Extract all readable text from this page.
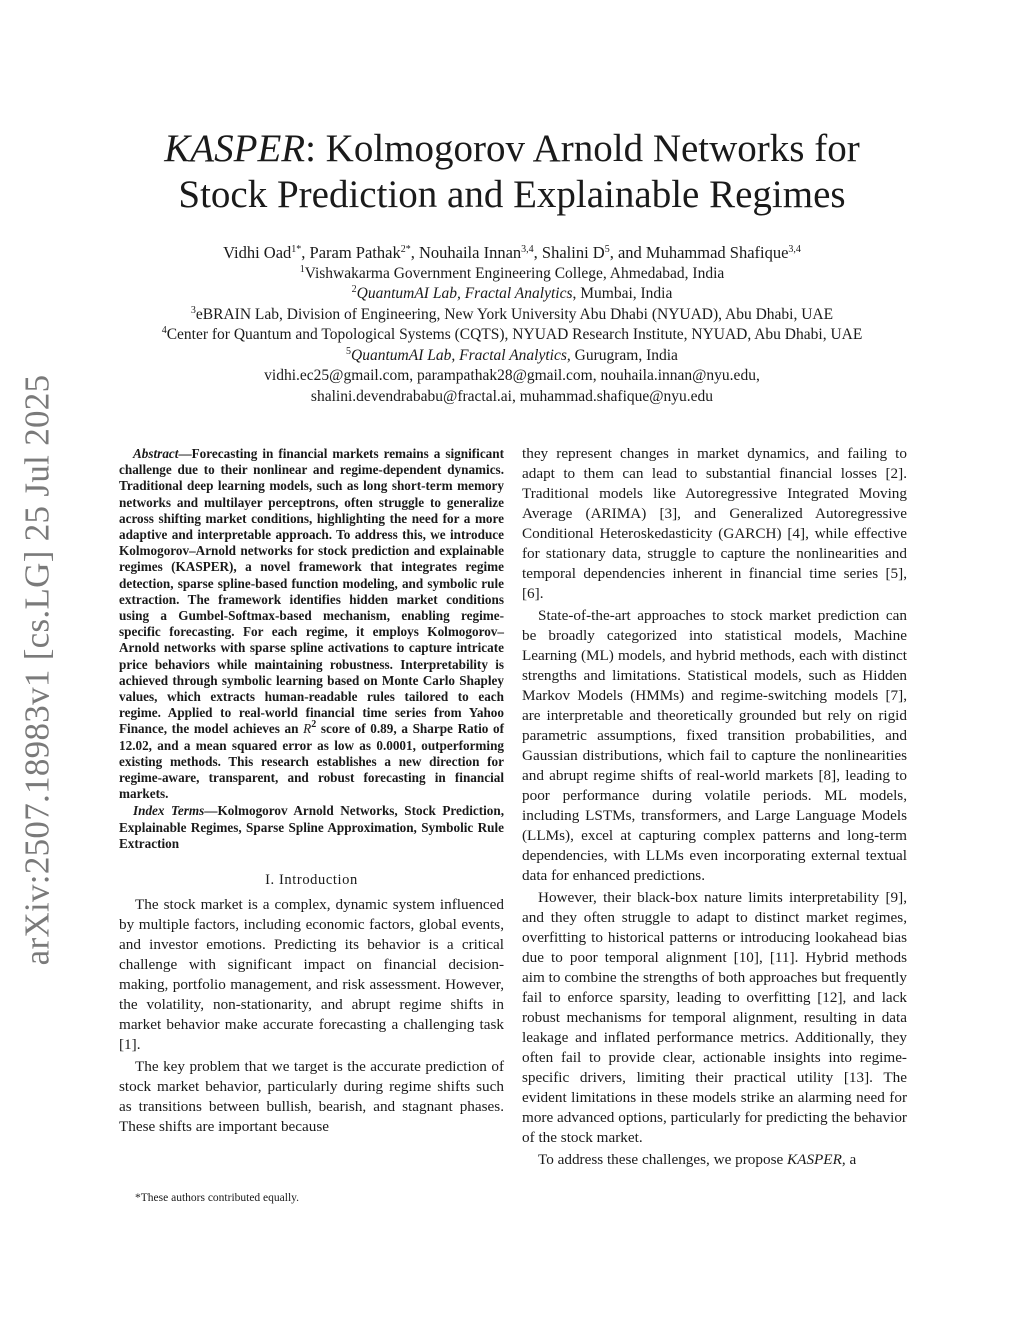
arXiv:2507.18983v1 [cs.LG] 25 Jul 2025
KASPER: Kolmogorov Arnold Networks for
Stock Prediction and Explainable Regimes
Vidhi Oad$^{1*}$, Param Pathak$^{2*}$, Nouhaila Innan$^{3,4}$, Shalini $D^5$, and Muhammad Shafique$^{3,4}$
$^1$Vishwakarma Government Engineering College, Ahmedabad, India
$^2$QuantumAI Lab, Fractal Analytics, Mumbai, India
$^3$eBRAIN Lab, Division of Engineering, New York University Abu Dhabi (NYUAD), Abu Dhabi, UAE
$^4$Center for Quantum and Topological Systems (CQTS), NYUAD Research Institute, NYUAD, Abu Dhabi, UAE
$^5$QuantumAI Lab, Fractal Analytics, Gurugram, India
vidhi.ec25@gmail.com, parampathak28@gmail.com, nouhaila.innan@nyu.edu,
shalini.devendrababu@fractal.ai, muhammad.shafique@nyu.edu

Abstract—Forecasting in financial markets remains a significant challenge due to their nonlinear and regime-dependent dynamics. Traditional deep learning models, such as long short-term memory networks and multilayer perceptrons, often struggle to generalize across shifting market conditions, highlighting the need for a more adaptive and interpretable approach. To address this, we introduce Kolmogorov–Arnold networks for stock prediction and explainable regimes (KASPER), a novel framework that integrates regime detection, sparse spline-based function modeling, and symbolic rule extraction. The framework identifies hidden market conditions using a Gumbel-Softmax-based mechanism, enabling regime-specific forecasting. For each regime, it employs Kolmogorov–Arnold networks with sparse spline activations to capture intricate price behaviors while maintaining robustness. Interpretability is achieved through symbolic learning based on Monte Carlo Shapley values, which extracts human-readable rules tailored to each regime. Applied to real-world financial time series from Yahoo Finance, the model achieves an $R^2$ score of 0.89, a Sharpe Ratio of 12.02, and a mean squared error as low as 0.0001, outperforming existing methods. This research establishes a new direction for regime-aware, transparent, and robust forecasting in financial markets.

Index Terms—Kolmogorov Arnold Networks, Stock Prediction, Explainable Regimes, Sparse Spline Approximation, Symbolic Rule Extraction

I. Introduction

The stock market is a complex, dynamic system influenced by multiple factors, including economic factors, global events, and investor emotions. Predicting its behavior is a critical challenge with significant impact on financial decision-making, portfolio management, and risk assessment. However, the volatility, non-stationarity, and abrupt regime shifts in market behavior make accurate forecasting a challenging task [1].

The key problem that we target is the accurate prediction of stock market behavior, particularly during regime shifts such as transitions between bullish, bearish, and stagnant phases. These shifts are important because

*These authors contributed equally.

they represent changes in market dynamics, and failing to adapt to them can lead to substantial financial losses [2]. Traditional models like Autoregressive Integrated Moving Average (ARIMA) [3], and Generalized Autoregressive Conditional Heteroskedasticity (GARCH) [4], while effective for stationary data, struggle to capture the nonlinearities and temporal dependencies inherent in financial time series [5], [6].

State-of-the-art approaches to stock market prediction can be broadly categorized into statistical models, Machine Learning (ML) models, and hybrid methods, each with distinct strengths and limitations. Statistical models, such as Hidden Markov Models (HMMs) and regime-switching models [7], are interpretable and theoretically grounded but rely on rigid parametric assumptions, fixed transition probabilities, and Gaussian distributions, which fail to capture the nonlinearities and abrupt regime shifts of real-world markets [8], leading to poor performance during volatile periods. ML models, including LSTMs, transformers, and Large Language Models (LLMs), excel at capturing complex patterns and long-term dependencies, with LLMs even incorporating external textual data for enhanced predictions.

However, their black-box nature limits interpretability [9], and they often struggle to adapt to distinct market regimes, overfitting to historical patterns or introducing lookahead bias due to poor temporal alignment [10], [11]. Hybrid methods aim to combine the strengths of both approaches but frequently fail to enforce sparsity, leading to overfitting [12], and lack robust mechanisms for temporal alignment, resulting in data leakage and inflated performance metrics. Additionally, they often fail to provide clear, actionable insights into regime-specific drivers, limiting their practical utility [13]. The evident limitations in these models strike an alarming need for more advanced options, particularly for predicting the behavior of the stock market.

To address these challenges, we propose KASPER, a
